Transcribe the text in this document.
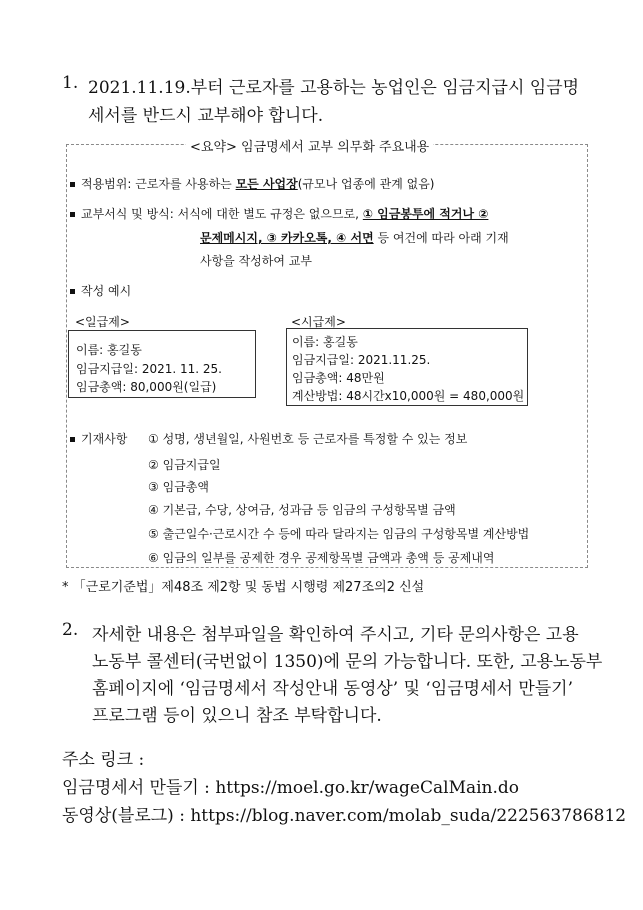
1. 2021.11.19.부터 근로자를 고용하는 농업인은 임금지급시 임금명
세서를 반드시 교부해야 합니다.
<요약> 임금명세서 교부 의무화 주요내용
적용범위: 근로자를 사용하는 모든 사업장(규모나 업종에 관계 없음)
교부서식 및 방식: 서식에 대한 별도 규정은 없으므로, ① 임금봉투에 적거나 ②
문제메시지, ③ 카카오톡, ④ 서면 등 여건에 따라 아래 기재
사항을 작성하여 교부
작성 예시
<일급제>
이름: 홍길동
임금지급일: 2021. 11. 25.
임금총액: 80,000원(일급)
<시급제>
이름: 홍길동
임금지급일: 2021.11.25.
임금총액: 48만원
계산방법: 48시간x10,000원 = 480,000원
기재사항 ① 성명, 생년월일, 사원번호 등 근로자를 특정할 수 있는 정보
② 임금지급일
③ 임금총액
④ 기본급, 수당, 상여금, 성과금 등 임금의 구성항목별 금액
⑤ 출근일수·근로시간 수 등에 따라 달라지는 임금의 구성항목별 계산방법
⑥ 임금의 일부를 공제한 경우 공제항목별 금액과 총액 등 공제내역
* 「근로기준법」제48조 제2항 및 동법 시행령 제27조의2 신설
2. 자세한 내용은 첨부파일을 확인하여 주시고, 기타 문의사항은 고용
노동부 콜센터(국번없이 1350)에 문의 가능합니다. 또한, 고용노동부
홈페이지에 ‘임금명세서 작성안내 동영상’ 및 ‘임금명세서 만들기’
프로그램 등이 있으니 참조 부탁합니다.
주소 링크 :
임금명세서 만들기 : https://moel.go.kr/wageCalMain.do
동영상(블로그) : https://blog.naver.com/molab_suda/222563786812
